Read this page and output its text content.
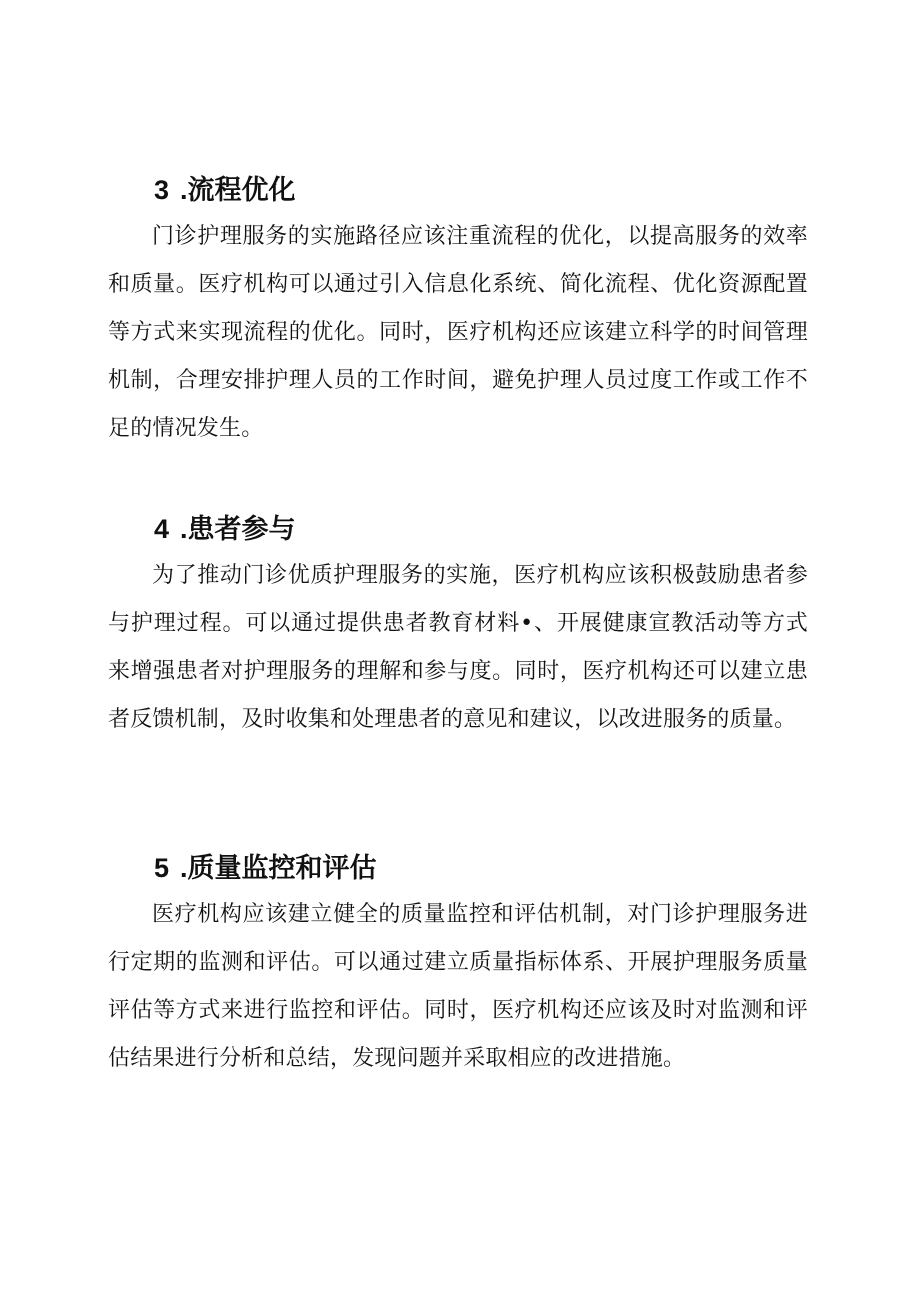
3 .流程优化

门诊护理服务的实施路径应该注重流程的优化，以提高服务的效率和质量。医疗机构可以通过引入信息化系统、简化流程、优化资源配置等方式来实现流程的优化。同时，医疗机构还应该建立科学的时间管理机制，合理安排护理人员的工作时间，避免护理人员过度工作或工作不足的情况发生。

4 .患者参与

为了推动门诊优质护理服务的实施，医疗机构应该积极鼓励患者参与护理过程。可以通过提供患者教育材料•、开展健康宣教活动等方式来增强患者对护理服务的理解和参与度。同时，医疗机构还可以建立患者反馈机制，及时收集和处理患者的意见和建议，以改进服务的质量。

5 .质量监控和评估

医疗机构应该建立健全的质量监控和评估机制，对门诊护理服务进行定期的监测和评估。可以通过建立质量指标体系、开展护理服务质量评估等方式来进行监控和评估。同时，医疗机构还应该及时对监测和评估结果进行分析和总结，发现问题并采取相应的改进措施。
